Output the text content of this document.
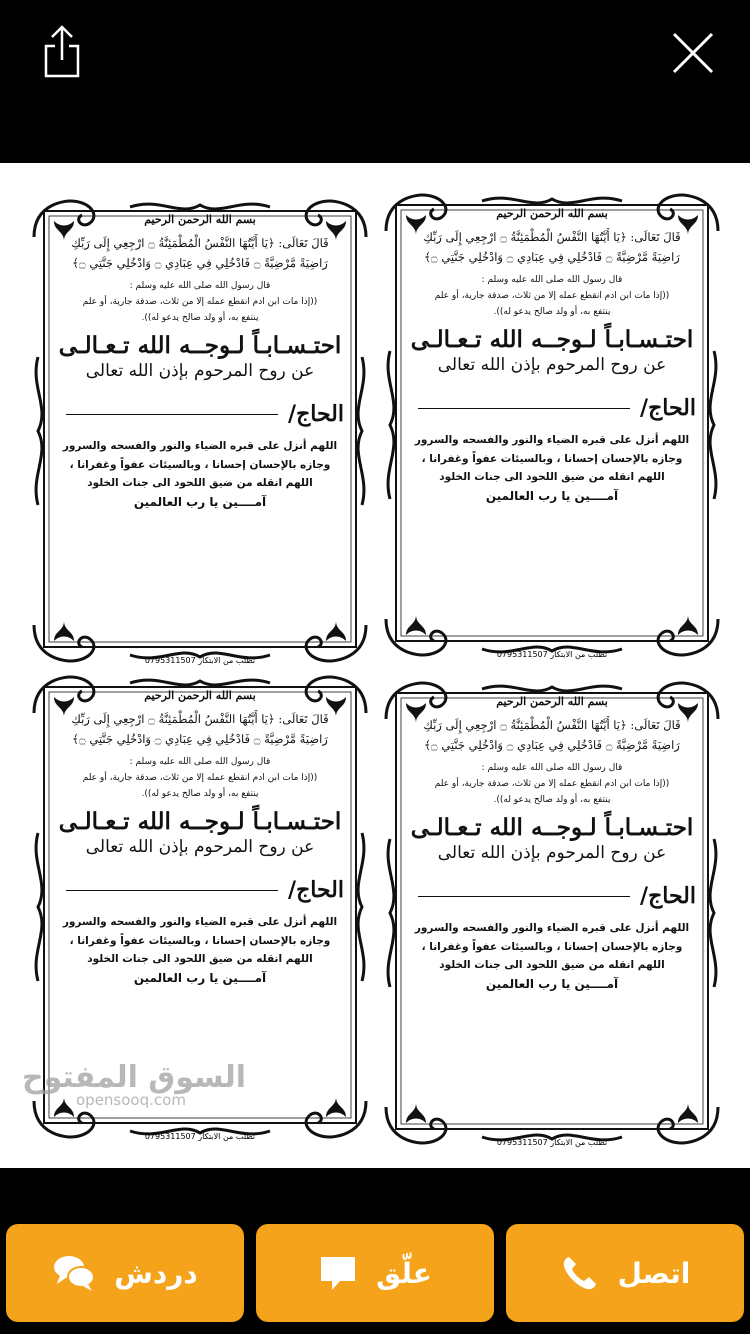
بسم الله الرحمن الرحيم
قَالَ تَعَالَى: ﴿يَا أَيَّتُهَا النَّفْسُ الْمُطْمَئِنَّةُ ۝ ارْجِعِي إِلَى رَبِّكِ
رَاضِيَةً مَّرْضِيَّةً ۝ فَادْخُلِي فِي عِبَادِي ۝ وَادْخُلِي جَنَّتِي ۝﴾
قال رسول الله صلى الله عليه وسلم :
((إذا مات ابن ادم انقطع عمله إلا من ثلاث، صدقة جارية، أو علم
ينتفع به، أو ولد صالح يدعو له)).
احتـسـابـاً لـوجــه الله تـعـالـى
عن روح المرحوم بإذن الله تعالى
الحاج/
اللهم أنزل على قبره الضياء والنور والفسحه والسرور
وجازه بالإحسان إحسانا ، وبالسيئات عفواً وغفرانا ،
اللهم انقله من ضيق اللحود الى جنات الخلود
آمــــين يا رب العالمين
تطلب من الابتكار 0795311507
بسم الله الرحمن الرحيم
قَالَ تَعَالَى: ﴿يَا أَيَّتُهَا النَّفْسُ الْمُطْمَئِنَّةُ ۝ ارْجِعِي إِلَى رَبِّكِ
رَاضِيَةً مَّرْضِيَّةً ۝ فَادْخُلِي فِي عِبَادِي ۝ وَادْخُلِي جَنَّتِي ۝﴾
قال رسول الله صلى الله عليه وسلم :
((إذا مات ابن ادم انقطع عمله إلا من ثلاث، صدقة جارية، أو علم
ينتفع به، أو ولد صالح يدعو له)).
احتـسـابـاً لـوجــه الله تـعـالـى
عن روح المرحوم بإذن الله تعالى
الحاج/
اللهم أنزل على قبره الضياء والنور والفسحه والسرور
وجازه بالإحسان إحسانا ، وبالسيئات عفواً وغفرانا ،
اللهم انقله من ضيق اللحود الى جنات الخلود
آمــــين يا رب العالمين
تطلب من الابتكار 0795311507
بسم الله الرحمن الرحيم
قَالَ تَعَالَى: ﴿يَا أَيَّتُهَا النَّفْسُ الْمُطْمَئِنَّةُ ۝ ارْجِعِي إِلَى رَبِّكِ
رَاضِيَةً مَّرْضِيَّةً ۝ فَادْخُلِي فِي عِبَادِي ۝ وَادْخُلِي جَنَّتِي ۝﴾
قال رسول الله صلى الله عليه وسلم :
((إذا مات ابن ادم انقطع عمله إلا من ثلاث، صدقة جارية، أو علم
ينتفع به، أو ولد صالح يدعو له)).
احتـسـابـاً لـوجــه الله تـعـالـى
عن روح المرحوم بإذن الله تعالى
الحاج/
اللهم أنزل على قبره الضياء والنور والفسحه والسرور
وجازه بالإحسان إحسانا ، وبالسيئات عفواً وغفرانا ،
اللهم انقله من ضيق اللحود الى جنات الخلود
آمــــين يا رب العالمين
تطلب من الابتكار 0795311507
بسم الله الرحمن الرحيم
قَالَ تَعَالَى: ﴿يَا أَيَّتُهَا النَّفْسُ الْمُطْمَئِنَّةُ ۝ ارْجِعِي إِلَى رَبِّكِ
رَاضِيَةً مَّرْضِيَّةً ۝ فَادْخُلِي فِي عِبَادِي ۝ وَادْخُلِي جَنَّتِي ۝﴾
قال رسول الله صلى الله عليه وسلم :
((إذا مات ابن ادم انقطع عمله إلا من ثلاث، صدقة جارية، أو علم
ينتفع به، أو ولد صالح يدعو له)).
احتـسـابـاً لـوجــه الله تـعـالـى
عن روح المرحوم بإذن الله تعالى
الحاج/
اللهم أنزل على قبره الضياء والنور والفسحه والسرور
وجازه بالإحسان إحسانا ، وبالسيئات عفواً وغفرانا ،
اللهم انقله من ضيق اللحود الى جنات الخلود
آمــــين يا رب العالمين
تطلب من الابتكار 0795311507
السوق المفتوح
opensooq.com
اتصل
علّق
دردش
